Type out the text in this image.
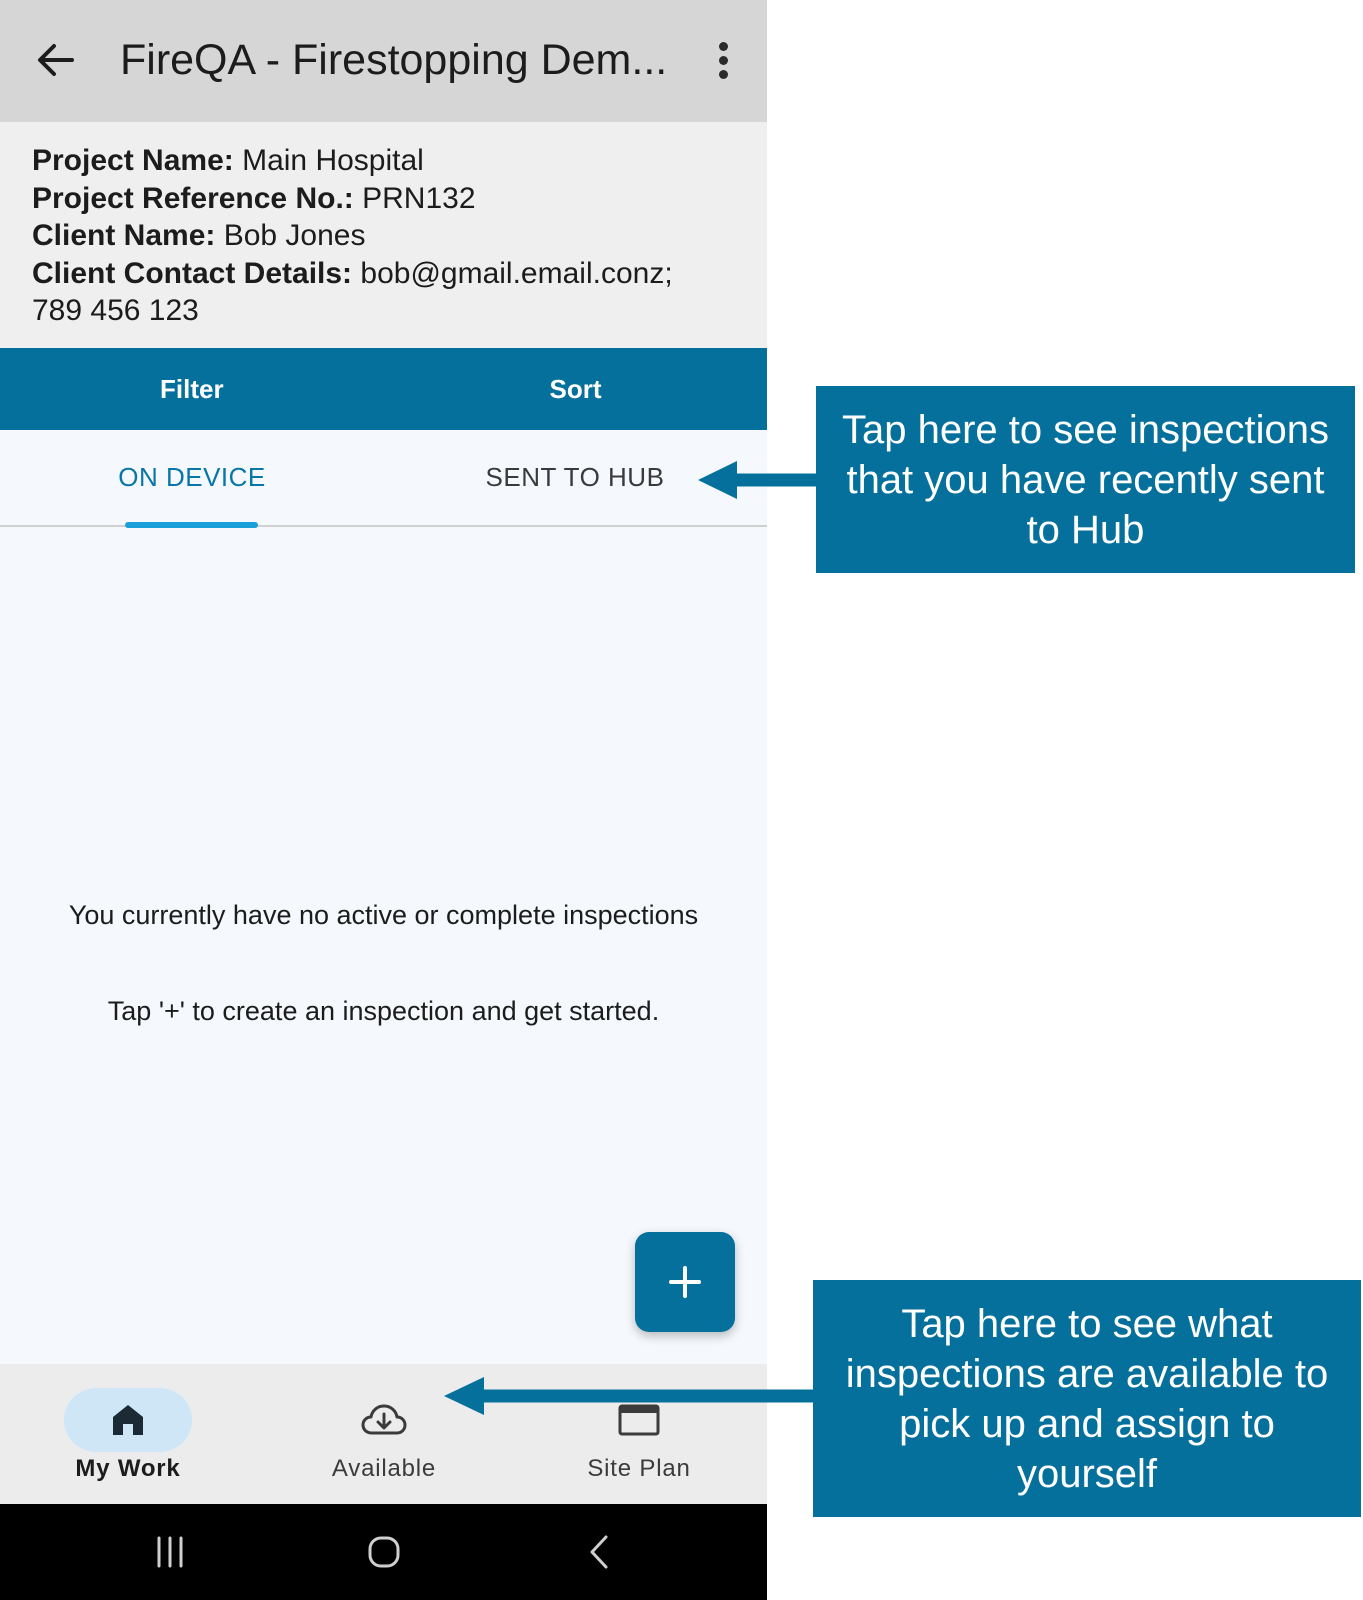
FireQA - Firestopping Dem...
Project Name: Main Hospital
Project Reference No.: PRN132
Client Name: Bob Jones
Client Contact Details: bob@gmail.email.conz;
789 456 123
Filter	Sort
ON DEVICE	SENT TO HUB
You currently have no active or complete inspections
Tap '+' to create an inspection and get started.
My Work	Available	Site Plan
Tap here to see inspections that you have recently sent to Hub
Tap here to see what inspections are available to pick up and assign to yourself
